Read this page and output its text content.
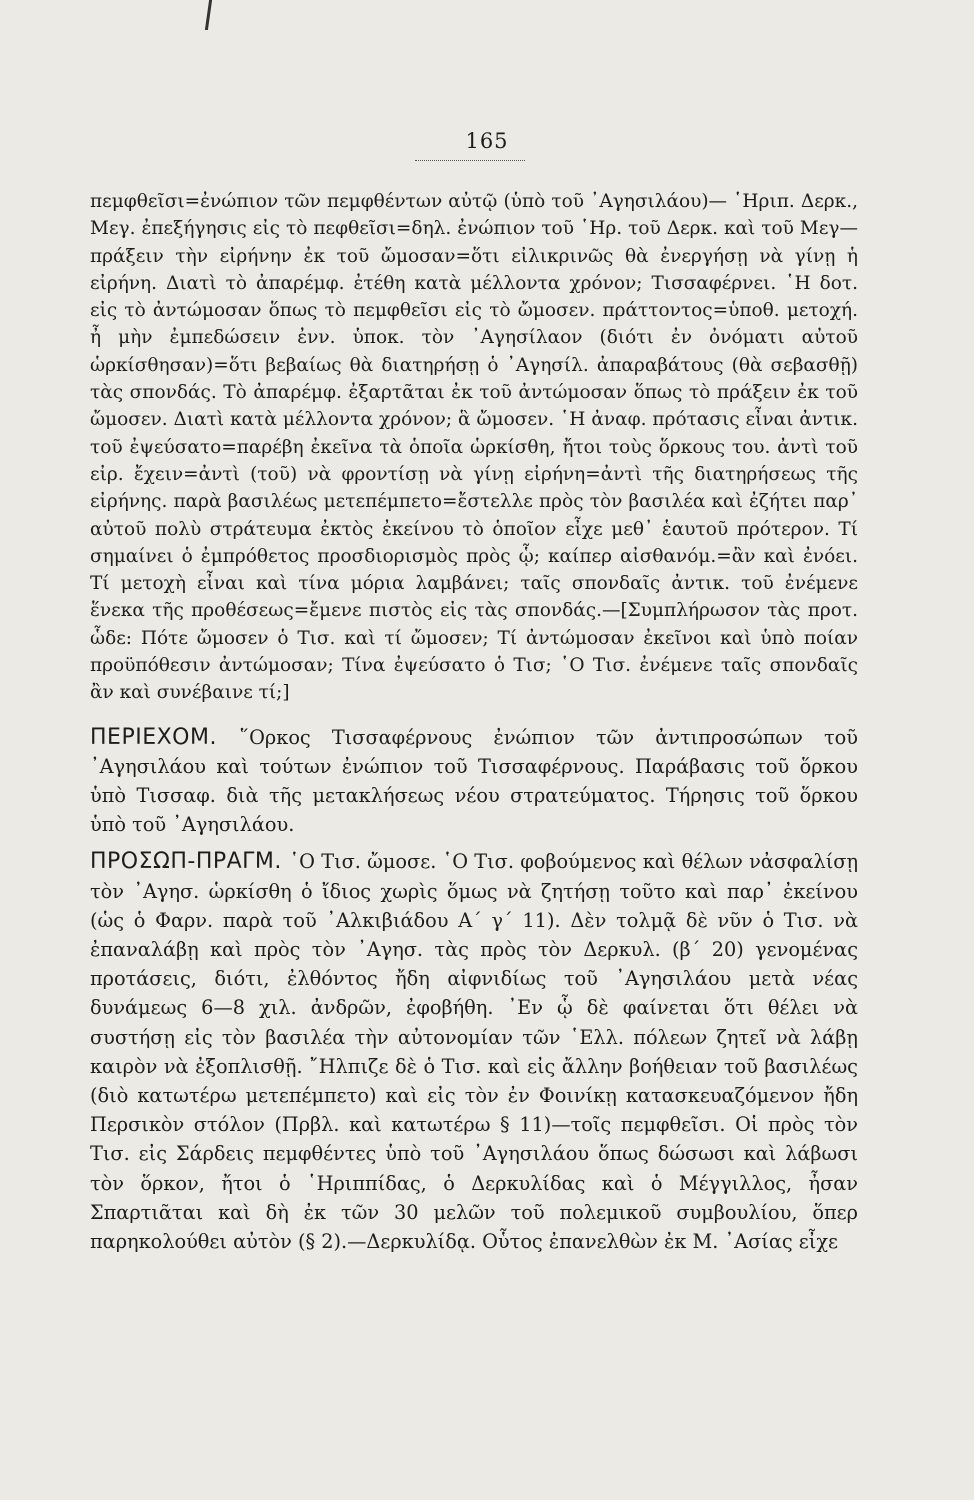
165

πεμφθεῖσι=ἐνώπιον τῶν πεμφθέντων αὐτῷ (ὑπὸ τοῦ ᾿Αγησιλάου)— ῾Ηριπ. Δερκ., Μεγ. ἐπεξήγησις εἰς τὸ πεφθεῖσι=δηλ. ἐνώπιον τοῦ ῾Ηρ. τοῦ Δερκ. καὶ τοῦ Μεγ—πράξειν τὴν εἰρήνην ἐκ τοῦ ὤμοσαν=ὅτι εἰλικρινῶς θὰ ἐνεργήσῃ νὰ γίνῃ ἡ εἰρήνη. Διατὶ τὸ ἀπαρέμφ. ἐτέθη κατὰ μέλλοντα χρόνον; Τισσαφέρνει. ῾Η δοτ. εἰς τὸ ἀντώμοσαν ὅπως τὸ πεμφθεῖσι εἰς τὸ ὤμοσεν. πράττοντος=ὑποθ. μετοχή. ἦ μὴν ἐμπεδώσειν ἐνν. ὑποκ. τὸν ᾿Αγησίλαον (διότι ἐν ὀνόματι αὐτοῦ ὡρκίσθησαν)=ὅτι βεβαίως θὰ διατηρήσῃ ὁ ᾿Αγησίλ. ἀπαραβάτους (θὰ σεβασθῇ) τὰς σπονδάς. Τὸ ἀπαρέμφ. ἐξαρτᾶται ἐκ τοῦ ἀντώμοσαν ὅπως τὸ πράξειν ἐκ τοῦ ὤμοσεν. Διατὶ κατὰ μέλλοντα χρόνον; ἃ ὤμοσεν. ῾Η ἀναφ. πρότασις εἶναι ἀντικ. τοῦ ἐψεύσατο=παρέβη ἐκεῖνα τὰ ὁποῖα ὡρκίσθη, ἤτοι τοὺς ὅρκους του. ἀντὶ τοῦ εἰρ. ἔχειν=ἀντὶ (τοῦ) νὰ φροντίσῃ νὰ γίνῃ εἰρήνη=ἀντὶ τῆς διατηρήσεως τῆς εἰρήνης. παρὰ βασιλέως μετεπέμπετο=ἔστελλε πρὸς τὸν βασιλέα καὶ ἐζήτει παρ᾿ αὐτοῦ πολὺ στράτευμα ἐκτὸς ἐκείνου τὸ ὁποῖον εἶχε μεθ᾿ ἑαυτοῦ πρότερον. Τί σημαίνει ὁ ἐμπρόθετος προσδιορισμὸς πρὸς ᾧ; καίπερ αἰσθανόμ.=ἂν καὶ ἐνόει. Τί μετοχὴ εἶναι καὶ τίνα μόρια λαμβάνει; ταῖς σπονδαῖς ἀντικ. τοῦ ἐνέμενε ἕνεκα τῆς προθέσεως=ἔμενε πιστὸς εἰς τὰς σπονδάς.—[Συμπλήρωσον τὰς προτ. ὧδε: Πότε ὤμοσεν ὁ Τισ. καὶ τί ὤμοσεν; Τί ἀντώμοσαν ἐκεῖνοι καὶ ὑπὸ ποίαν προϋπόθεσιν ἀντώμοσαν; Τίνα ἐψεύσατο ὁ Τισ; ῾Ο Τισ. ἐνέμενε ταῖς σπονδαῖς ἂν καὶ συνέβαινε τί;]

ΠΕΡΙΕΧΟΜ. ῞Ορκος Τισσαφέρνους ἐνώπιον τῶν ἀντιπροσώπων τοῦ ᾿Αγησιλάου καὶ τούτων ἐνώπιον τοῦ Τισσαφέρνους. Παράβασις τοῦ ὅρκου ὑπὸ Τισσαφ. διὰ τῆς μετακλήσεως νέου στρατεύματος. Τήρησις τοῦ ὅρκου ὑπὸ τοῦ ᾿Αγησιλάου.
ΠΡΟΣΩΠ-ΠΡΑΓΜ. ῾Ο Τισ. ὤμοσε. ῾Ο Τισ. φοβούμενος καὶ θέλων νἀσφαλίσῃ τὸν ᾿Αγησ. ὡρκίσθη ὁ ἴδιος χωρὶς ὅμως νὰ ζητήσῃ τοῦτο καὶ παρ᾿ ἐκείνου (ὡς ὁ Φαρν. παρὰ τοῦ ᾿Αλκιβιάδου Α΄ γ΄ 11). Δὲν τολμᾷ δὲ νῦν ὁ Τισ. νὰ ἐπαναλάβῃ καὶ πρὸς τὸν ᾿Αγησ. τὰς πρὸς τὸν Δερκυλ. (β΄ 20) γενομένας προτάσεις, διότι, ἐλθόντος ἤδη αἰφνιδίως τοῦ ᾿Αγησιλάου μετὰ νέας δυνάμεως 6—8 χιλ. ἀνδρῶν, ἐφοβήθη. ᾿Εν ᾧ δὲ φαίνεται ὅτι θέλει νὰ συστήσῃ εἰς τὸν βασιλέα τὴν αὐτονομίαν τῶν ῾Ελλ. πόλεων ζητεῖ νὰ λάβῃ καιρὸν νὰ ἐξοπλισθῇ. ῎Ηλπιζε δὲ ὁ Τισ. καὶ εἰς ἄλλην βοήθειαν τοῦ βασιλέως (διὸ κατωτέρω μετεπέμπετο) καὶ εἰς τὸν ἐν Φοινίκῃ κατασκευαζόμενον ἤδη Περσικὸν στόλον (Πρβλ. καὶ κατωτέρω § 11)—τοῖς πεμφθεῖσι. Οἱ πρὸς τὸν Τισ. εἰς Σάρδεις πεμφθέντες ὑπὸ τοῦ ᾿Αγησιλάου ὅπως δώσωσι καὶ λάβωσι τὸν ὅρκον, ἤτοι ὁ ῾Ηριππίδας, ὁ Δερκυλίδας καὶ ὁ Μέγγιλλος, ἦσαν Σπαρτιᾶται καὶ δὴ ἐκ τῶν 30 μελῶν τοῦ πολεμικοῦ συμβουλίου, ὅπερ παρηκολούθει αὐτὸν (§ 2).—Δερκυλίδᾳ. Οὗτος ἐπανελθὼν ἐκ Μ. ᾿Ασίας εἶχε
